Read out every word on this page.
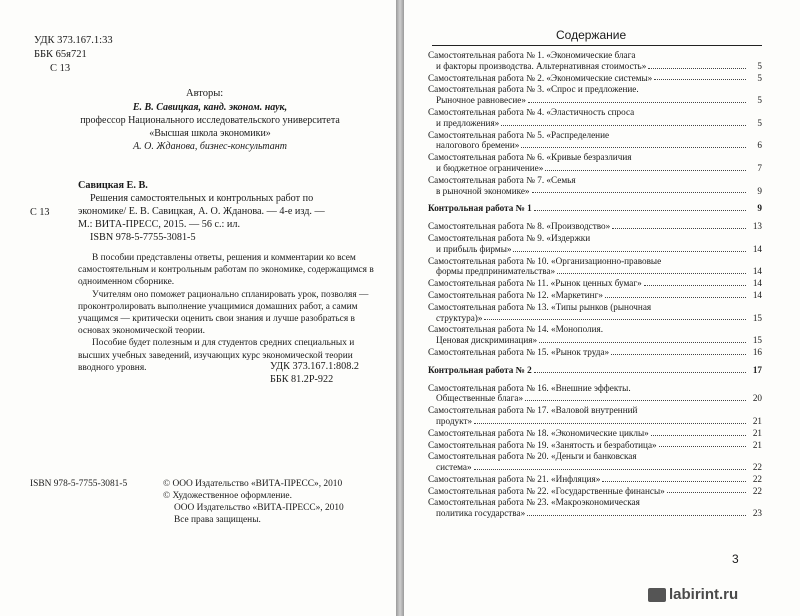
УДК 373.167.1:33
ББК 65я721
С 13
Авторы:
Е. В. Савицкая, канд. эконом. наук,
профессор Национального исследовательского университета
«Высшая школа экономики»
А. О. Жданова, бизнес-консультант
Савицкая Е. В.
Решения самостоятельных и контрольных работ по
С 13	экономике/ Е. В. Савицкая, А. О. Жданова. — 4-е изд. —
М.: ВИТА-ПРЕСС, 2015. — 56 с.: ил.
ISBN 978-5-7755-3081-5

В пособии представлены ответы, решения и комментарии ко всем самостоятельным и контрольным работам по экономике, содержащимся в одноименном сборнике.

Учителям оно поможет рационально спланировать урок, позволяя — проконтролировать выполнение учащимися домашних работ, а самим учащимся — критически оценить свои знания и лучше разобраться в основах экономической теории.

Пособие будет полезным и для студентов средних специальных и высших учебных заведений, изучающих курс экономической теории вводного уровня.	УДК 373.167.1:808.2
ББК 81.2Р-922
ISBN 978-5-7755-3081-5	© ООО Издательство «ВИТА-ПРЕСС», 2010
© Художественное оформление.
ООО Издательство «ВИТА-ПРЕСС», 2010
Все права защищены.
Содержание
Самостоятельная работа № 1. «Экономические блага
и факторы производства. Альтернативная стоимость»	5
Самостоятельная работа № 2. «Экономические системы»	5
Самостоятельная работа № 3. «Спрос и предложение.
Рыночное равновесие»	5
Самостоятельная работа № 4. «Эластичность спроса
и предложения»	5
Самостоятельная работа № 5. «Распределение
налогового бремени»	6
Самостоятельная работа № 6. «Кривые безразличия
и бюджетное ограничение»	7
Самостоятельная работа № 7. «Семья
в рыночной экономике»	9
Контрольная работа № 1	9
Самостоятельная работа № 8. «Производство»	13
Самостоятельная работа № 9. «Издержки
и прибыль фирмы»	14
Самостоятельная работа № 10. «Организационно-правовые
формы предпринимательства»	14
Самостоятельная работа № 11. «Рынок ценных бумаг»	14
Самостоятельная работа № 12. «Маркетинг»	14
Самостоятельная работа № 13. «Типы рынков (рыночная
структура)»	15
Самостоятельная работа № 14. «Монополия.
Ценовая дискриминация»	15
Самостоятельная работа № 15. «Рынок труда»	16
Контрольная работа № 2	17
Самостоятельная работа № 16. «Внешние эффекты.
Общественные блага»	20
Самостоятельная работа № 17. «Валовой внутренний
продукт»	21
Самостоятельная работа № 18. «Экономические циклы»	21
Самостоятельная работа № 19. «Занятость и безработица»	21
Самостоятельная работа № 20. «Деньги и банковская
система»	22
Самостоятельная работа № 21. «Инфляция»	22
Самостоятельная работа № 22. «Государственные финансы»	22
Самостоятельная работа № 23. «Макроэкономическая
политика государства»	23
3
labirint.ru
